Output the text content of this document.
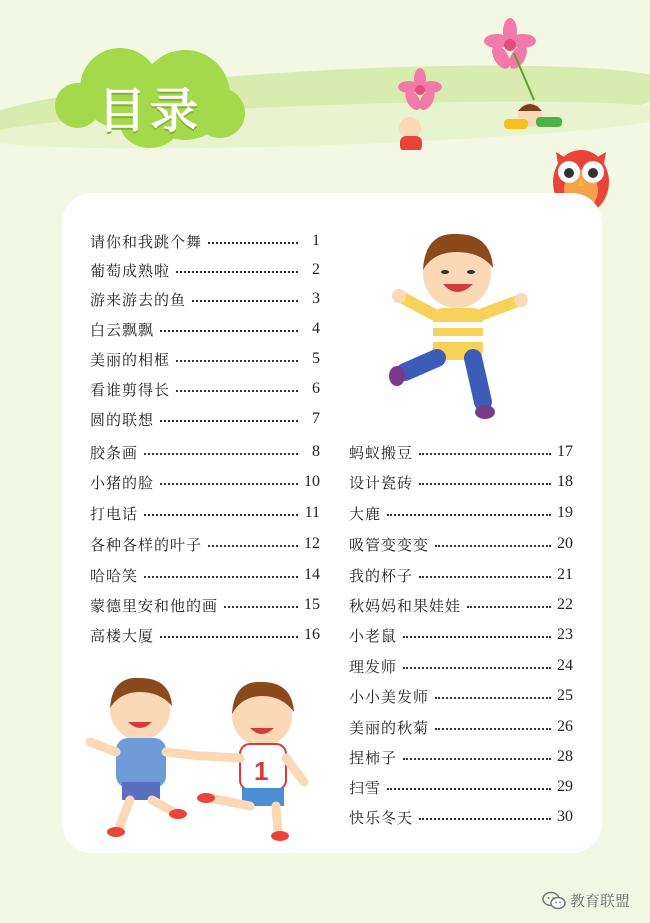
目录
1
请你和我跳个舞	1
葡萄成熟啦	2
游来游去的鱼	3
白云飘飘	4
美丽的相框	5
看谁剪得长	6
圆的联想	7
胶条画	8
小猪的脸	10
打电话	11
各种各样的叶子	12
哈哈笑	14
蒙德里安和他的画	15
高楼大厦	16
蚂蚁搬豆	17
设计瓷砖	18
大鹿	19
吸管变变变	20
我的杯子	21
秋妈妈和果娃娃	22
小老鼠	23
理发师	24
小小美发师	25
美丽的秋菊	26
捏柿子	28
扫雪	29
快乐冬天	30
教育联盟
